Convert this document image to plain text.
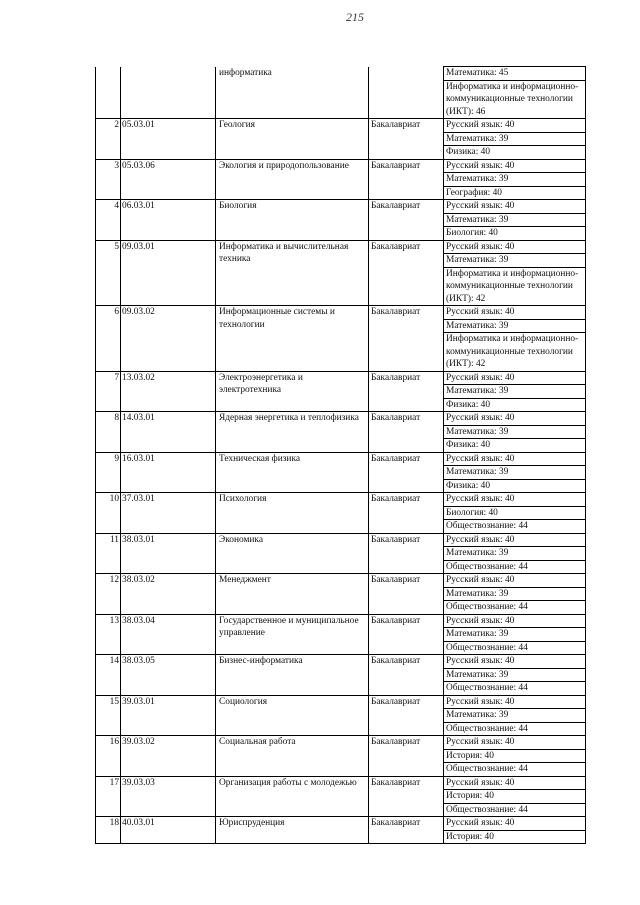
215
		информатика		Математика: 45
				Информатика и информационно-коммуникационные технологии (ИКТ): 46
2	05.03.01	Геология	Бакалавриат	Русский язык: 40
				Математика: 39
				Физика: 40
3	05.03.06	Экология и природопользование	Бакалавриат	Русский язык: 40
				Математика: 39
				География: 40
4	06.03.01	Биология	Бакалавриат	Русский язык: 40
				Математика: 39
				Биология: 40
5	09.03.01	Информатика и вычислительная техника	Бакалавриат	Русский язык: 40
				Математика: 39
				Информатика и информационно-коммуникационные технологии (ИКТ): 42
6	09.03.02	Информационные системы и технологии	Бакалавриат	Русский язык: 40
				Математика: 39
				Информатика и информационно-коммуникационные технологии (ИКТ): 42
7	13.03.02	Электроэнергетика и электротехника	Бакалавриат	Русский язык: 40
				Математика: 39
				Физика: 40
8	14.03.01	Ядерная энергетика и теплофизика	Бакалавриат	Русский язык: 40
				Математика: 39
				Физика: 40
9	16.03.01	Техническая физика	Бакалавриат	Русский язык: 40
				Математика: 39
				Физика: 40
10	37.03.01	Психология	Бакалавриат	Русский язык: 40
				Биология: 40
				Обществознание: 44
11	38.03.01	Экономика	Бакалавриат	Русский язык: 40
				Математика: 39
				Обществознание: 44
12	38.03.02	Менеджмент	Бакалавриат	Русский язык: 40
				Математика: 39
				Обществознание: 44
13	38.03.04	Государственное и муниципальное управление	Бакалавриат	Русский язык: 40
				Математика: 39
				Обществознание: 44
14	38.03.05	Бизнес-информатика	Бакалавриат	Русский язык: 40
				Математика: 39
				Обществознание: 44
15	39.03.01	Социология	Бакалавриат	Русский язык: 40
				Математика: 39
				Обществознание: 44
16	39.03.02	Социальная работа	Бакалавриат	Русский язык: 40
				История: 40
				Обществознание: 44
17	39.03.03	Организация работы с молодежью	Бакалавриат	Русский язык: 40
				История: 40
				Обществознание: 44
18	40.03.01	Юриспруденция	Бакалавриат	Русский язык: 40
				История: 40
